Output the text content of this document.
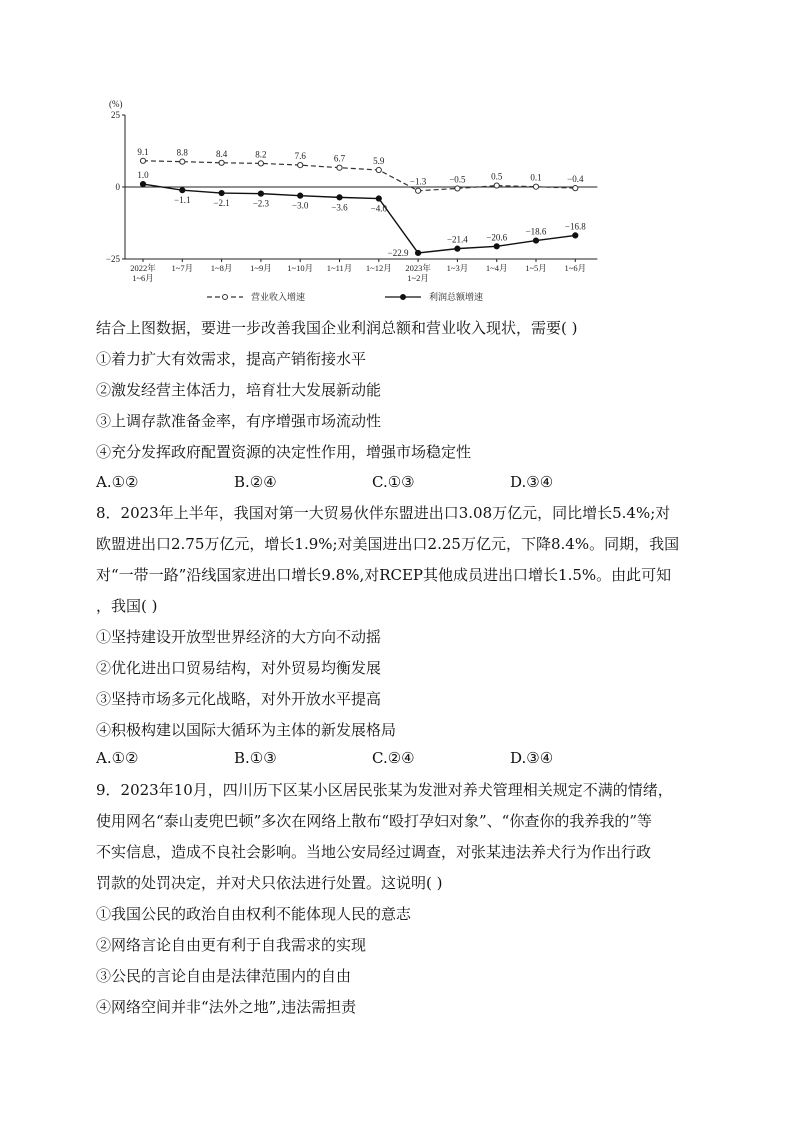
(%)
25
0
−25
2022年
1~6月
1~7月 1~8月 1~9月 1~10月 1~11月 1~12月 2023年
1~2月
1~3月 1~4月 1~5月 1~6月
9.1	8.8	8.4	8.2	7.6	6.7	5.9
−1.3	−0.5	0.5	0.1	−0.4
1.0
−1.1	−2.1	−2.3	−3.0	−3.6	−4.0
−22.9
−21.4 −20.6
−18.6
−16.8
营业收入增速	利润总额增速
结合上图数据，要进一步改善我国企业利润总额和营业收入现状，需要( )
①着力扩大有效需求，提高产销衔接水平
②激发经营主体活力，培育壮大发展新动能
③上调存款准备金率，有序增强市场流动性
④充分发挥政府配置资源的决定性作用，增强市场稳定性
A.①②	B.②④	C.①③	D.③④
8．2023年上半年，我国对第一大贸易伙伴东盟进出口3.08万亿元，同比增长5.4%;对
欧盟进出口2.75万亿元，增长1.9%;对美国进出口2.25万亿元，下降8.4%。同期，我国
对“一带一路”沿线国家进出口增长9.8%,对RCEP其他成员进出口增长1.5%。由此可知
，我国( )
①坚持建设开放型世界经济的大方向不动摇
②优化进出口贸易结构，对外贸易均衡发展
③坚持市场多元化战略，对外开放水平提高
④积极构建以国际大循环为主体的新发展格局
A.①②	B.①③	C.②④	D.③④
9．2023年10月，四川历下区某小区居民张某为发泄对养犬管理相关规定不满的情绪，
使用网名“泰山麦兜巴顿”多次在网络上散布“殴打孕妇对象”、“你查你的我养我的”等
不实信息，造成不良社会影响。当地公安局经过调查，对张某违法养犬行为作出行政
罚款的处罚决定，并对犬只依法进行处置。这说明( )
①我国公民的政治自由权利不能体现人民的意志
②网络言论自由更有利于自我需求的实现
③公民的言论自由是法律范围内的自由
④网络空间并非“法外之地”,违法需担责
